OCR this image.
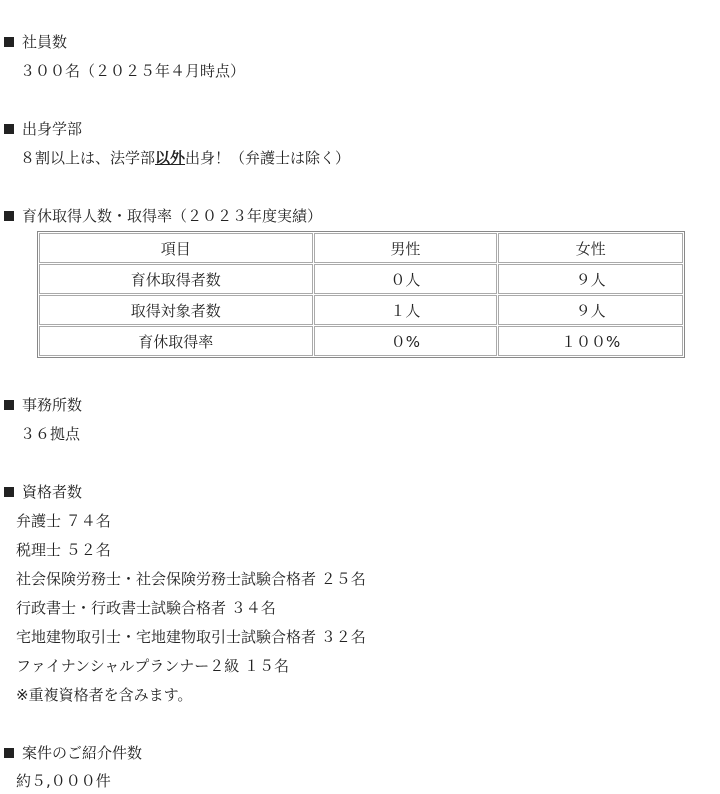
社員数
３００名（２０２５年４月時点）
出身学部
８割以上は、法学部以外出身！（弁護士は除く）
育休取得人数・取得率（２０２３年度実績）
項目	男性	女性
育休取得者数	０人	９人
取得対象者数	１人	９人
育休取得率	０%	１００%
事務所数
３６拠点
資格者数
弁護士 ７４名
税理士 ５２名
社会保険労務士・社会保険労務士試験合格者 ２５名
行政書士・行政書士試験合格者 ３４名
宅地建物取引士・宅地建物取引士試験合格者 ３２名
ファイナンシャルプランナー２級 １５名
※重複資格者を含みます。
案件のご紹介件数
約５,０００件
